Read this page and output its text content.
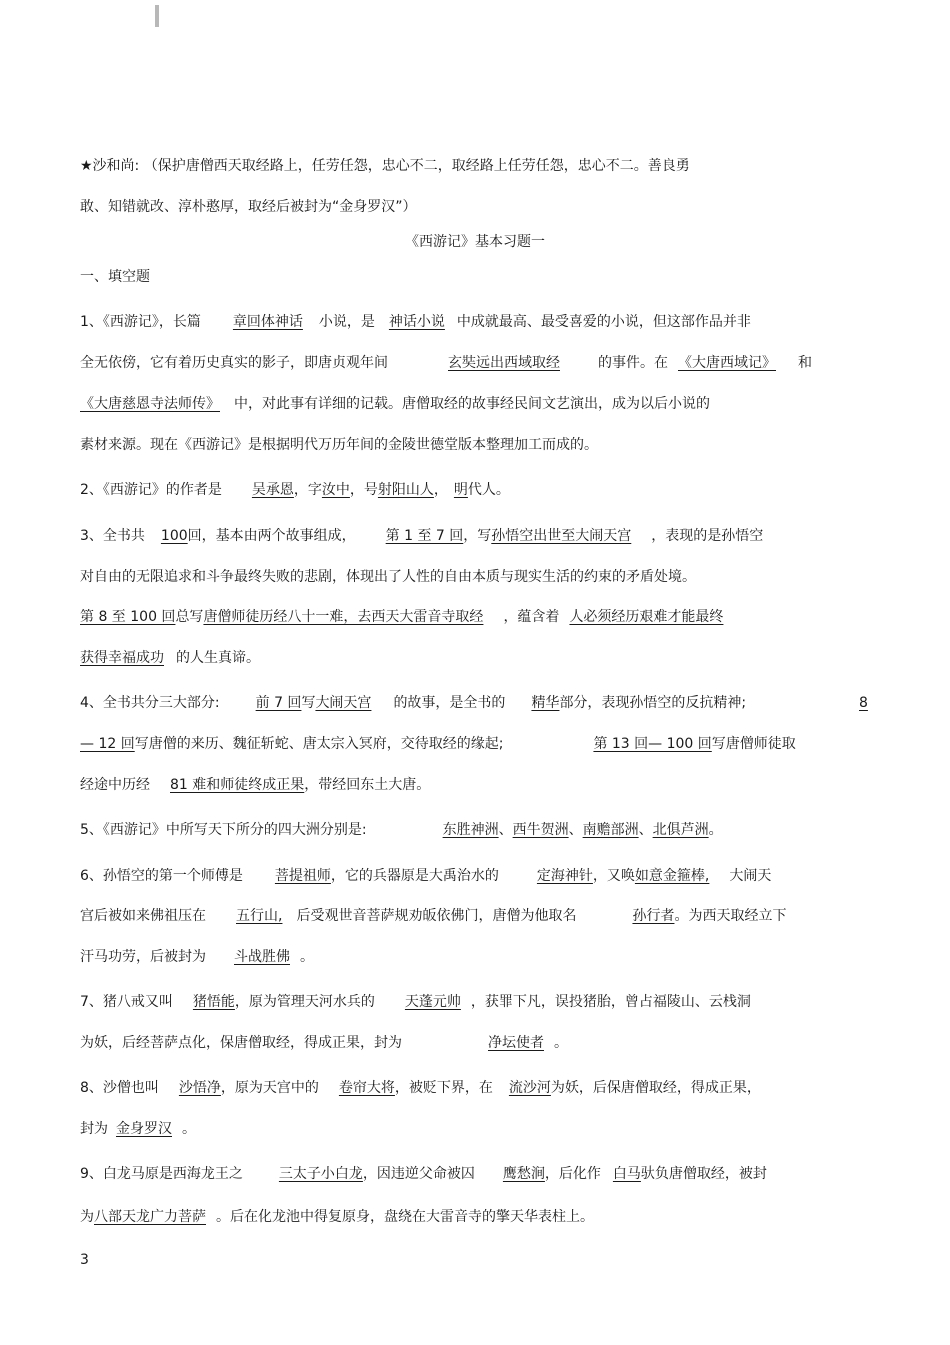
★沙和尚: （保护唐僧西天取经路上，任劳任怨，忠心不二，取经路上任劳任怨，忠心不二。善良勇
敢、知错就改、淳朴憨厚，取经后被封为“金身罗汉”）
《西游记》基本习题一
一、填空题
1、《西游记》，长篇 章回体神话 小说，是 神话小说 中成就最高、最受喜爱的小说，但这部作品并非
全无依傍，它有着历史真实的影子，即唐贞观年间	玄奘远出西域取经	的事件。在 《大唐西域记》 和
《大唐慈恩寺法师传》 中，对此事有详细的记载。唐僧取经的故事经民间文艺演出，成为以后小说的
素材来源。现在《西游记》是根据明代万历年间的金陵世德堂版本整理加工而成的。
2、《西游记》的作者是 吴承恩，字汝中，号射阳山人， 明代人。
3、全书共 100回，基本由两个故事组成， 第 1 至 7 回，写孙悟空出世至大闹天宫 ，表现的是孙悟空
对自由的无限追求和斗争最终失败的悲剧，体现出了人性的自由本质与现实生活的约束的矛盾处境。
第 8 至 100 回总写唐僧师徒历经八十一难，去西天大雷音寺取经 ，蕴含着 人必须经历艰难才能最终
获得幸福成功 的人生真谛。
4、全书共分三大部分:	前 7 回写大闹天宫 的故事，是全书的 精华部分，表现孙悟空的反抗精神;	8
— 12 回写唐僧的来历、魏征斩蛇、唐太宗入冥府，交待取经的缘起;	第 13 回— 100 回写唐僧师徒取
经途中历经 81 难和师徒终成正果，带经回东土大唐。
5、《西游记》中所写天下所分的四大洲分别是:	东胜神洲、西牛贺洲、南赡部洲、北俱芦洲。
6、孙悟空的第一个师傅是 菩提祖师，它的兵器原是大禹治水的	定海神针，又唤如意金箍棒, 大闹天
宫后被如来佛祖压在 五行山, 后受观世音菩萨规劝皈依佛门，唐僧为他取名	孙行者。为西天取经立下
汗马功劳，后被封为 斗战胜佛 。
7、猪八戒又叫 猪悟能，原为管理天河水兵的 天蓬元帅 ，获罪下凡，误投猪胎，曾占福陵山、云栈洞
为妖，后经菩萨点化，保唐僧取经，得成正果，封为	净坛使者 。
8、沙僧也叫 沙悟净，原为天宫中的 卷帘大将，被贬下界，在 流沙河为妖，后保唐僧取经，得成正果，
封为 金身罗汉 。
9、白龙马原是西海龙王之	三太子小白龙，因违逆父命被囚 鹰愁涧，后化作 白马驮负唐僧取经，被封
为八部天龙广力菩萨 。后在化龙池中得复原身，盘绕在大雷音寺的擎天华表柱上。
3
